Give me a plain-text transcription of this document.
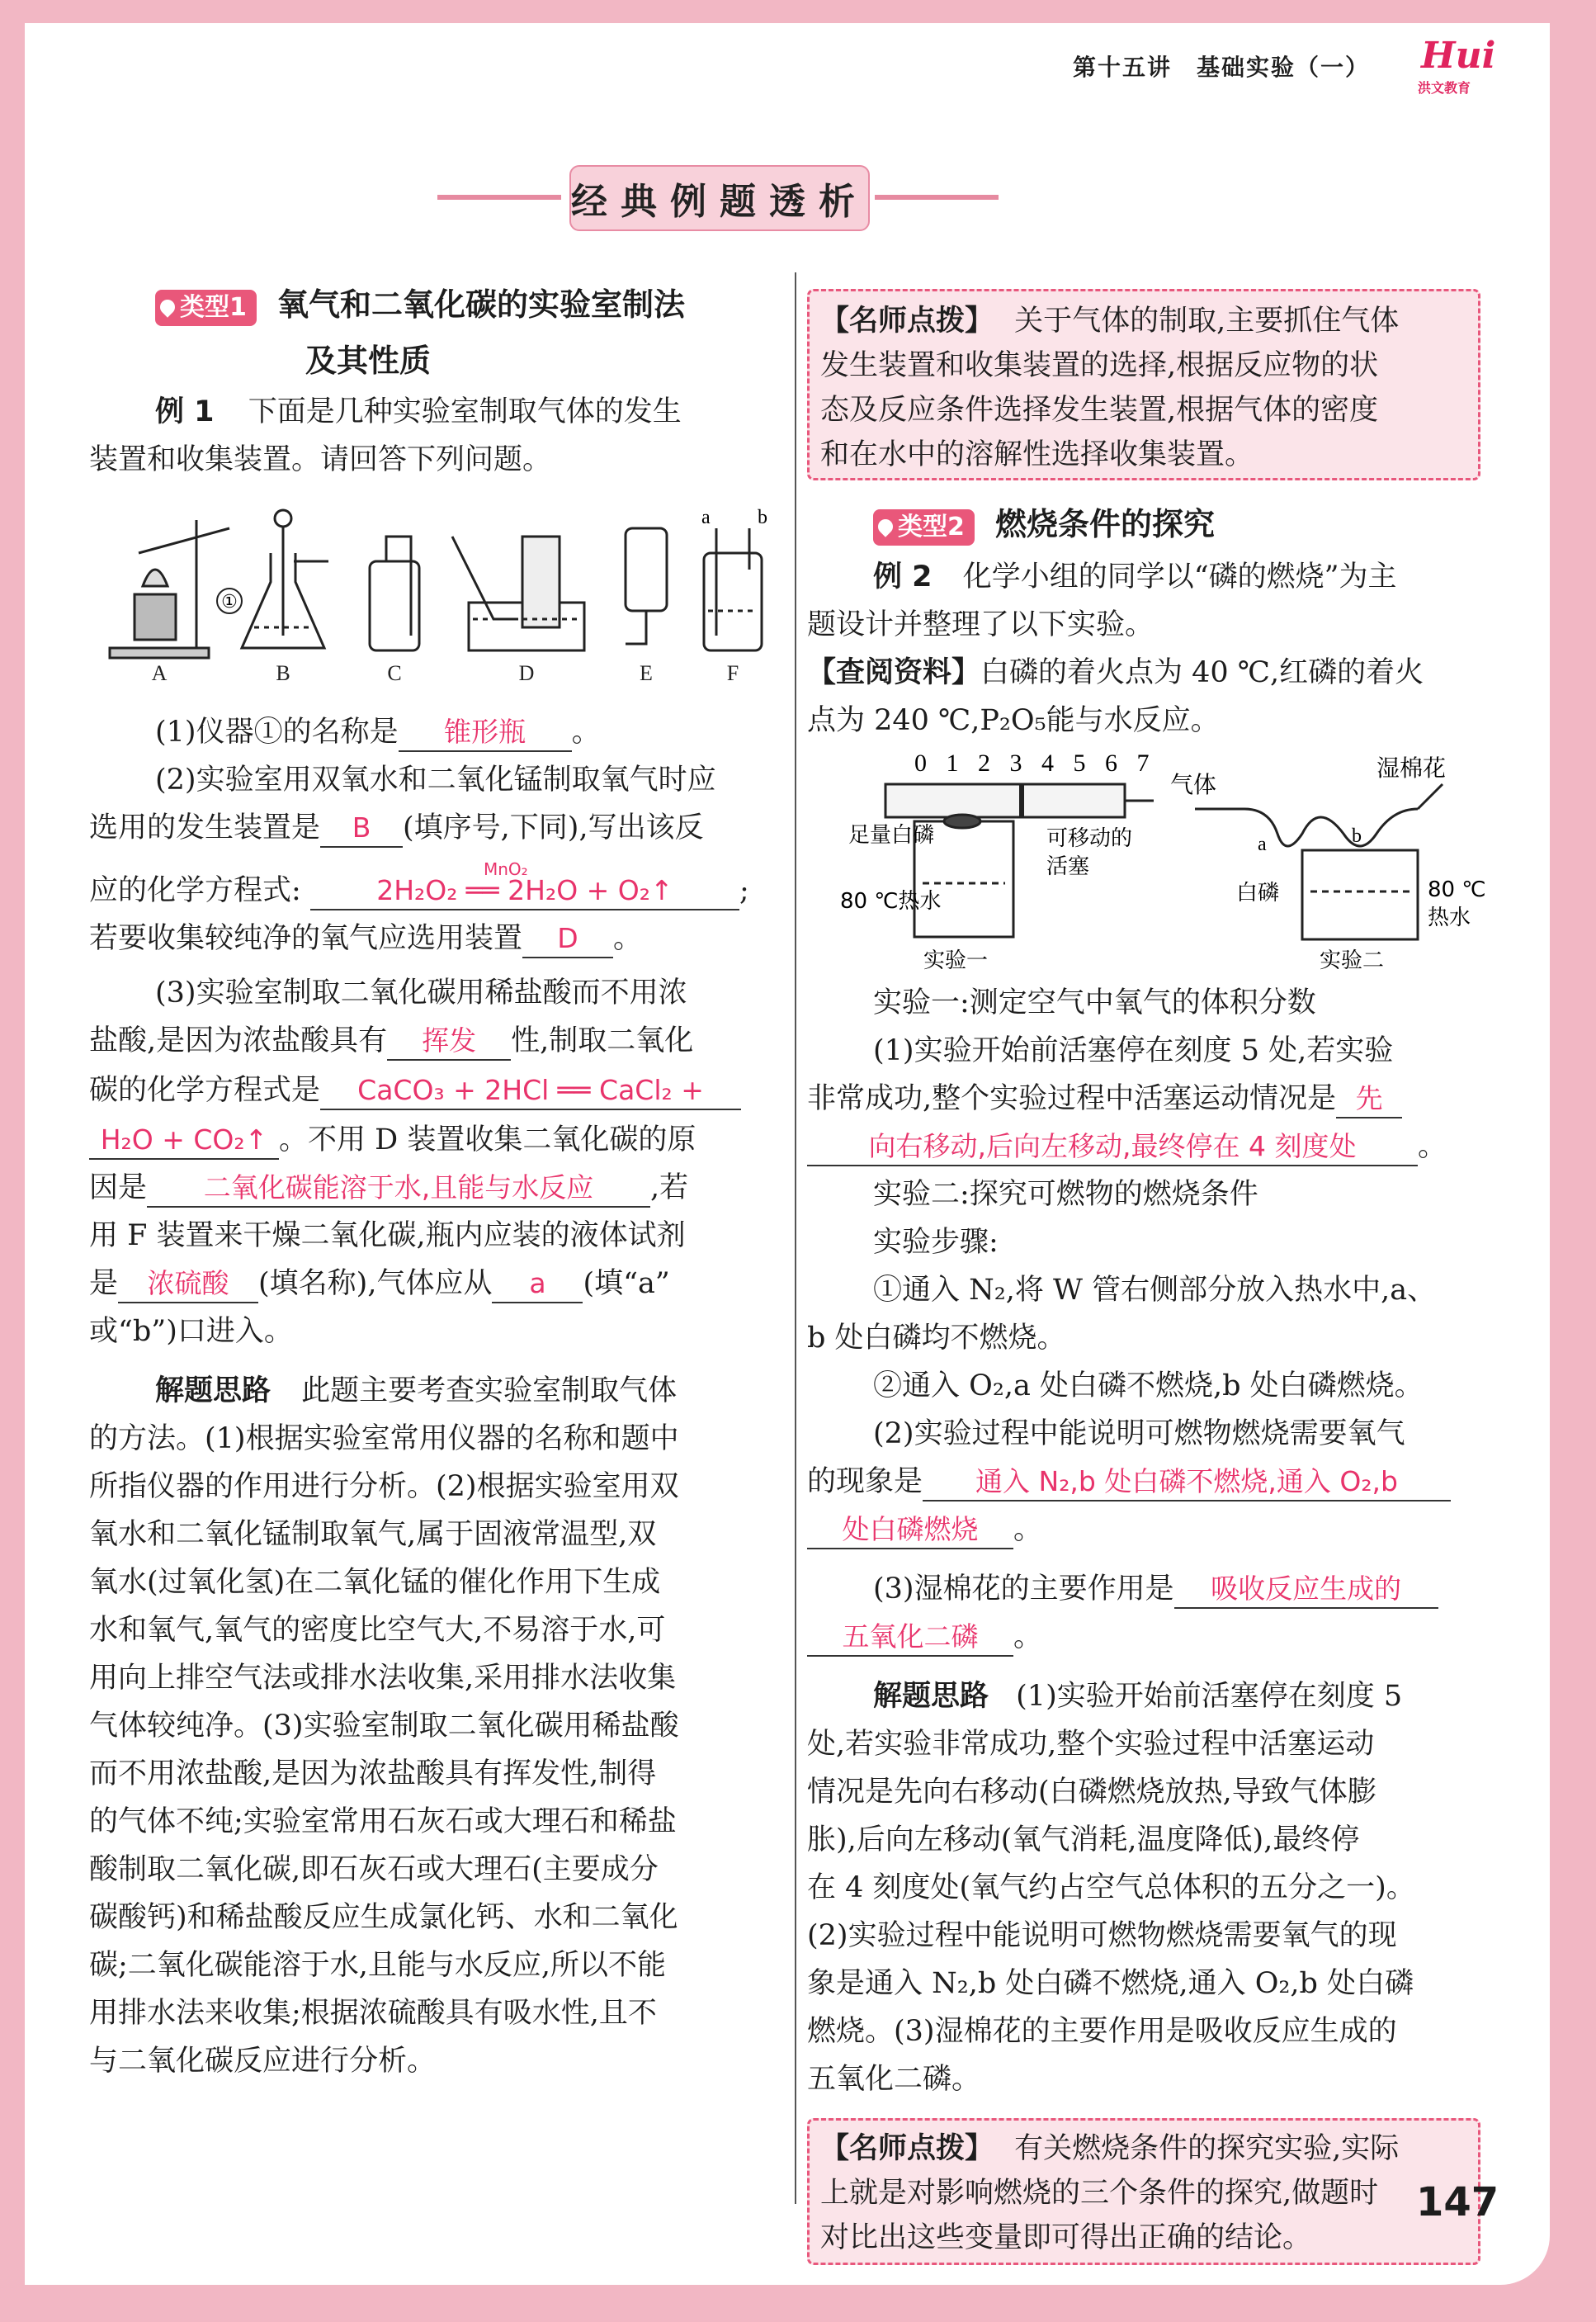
第十五讲　基础实验（一） Hui
洪文教育
经典例题透析
类型1 氧气和二氧化碳的实验室制法
及其性质
例 1 下面是几种实验室制取气体的发生
装置和收集装置。请回答下列问题。
①
a b
A	B	C	D	E	F
(1)仪器①的名称是 锥形瓶 。
(2)实验室用双氧水和二氧化锰制取氧气时应
选用的发生装置是 B (填序号,下同),写出该反
应的化学方程式:
MnO₂
2H₂O₂ ══ 2H₂O + O₂↑ ;
若要收集较纯净的氧气应选用装置 D 。
(3)实验室制取二氧化碳用稀盐酸而不用浓
盐酸,是因为浓盐酸具有 挥发 性,制取二氧化
碳的化学方程式是 CaCO₃ + 2HCl ══ CaCl₂ +
H₂O + CO₂↑ 。不用 D 装置收集二氧化碳的原
因是 二氧化碳能溶于水,且能与水反应 ,若
用 F 装置来干燥二氧化碳,瓶内应装的液体试剂
是 浓硫酸 (填名称),气体应从 a (填“a”
或“b”)口进入。
解题思路 此题主要考查实验室制取气体
的方法。(1)根据实验室常用仪器的名称和题中
所指仪器的作用进行分析。(2)根据实验室用双
氧水和二氧化锰制取氧气,属于固液常温型,双
氧水(过氧化氢)在二氧化锰的催化作用下生成
水和氧气,氧气的密度比空气大,不易溶于水,可
用向上排空气法或排水法收集,采用排水法收集
气体较纯净。(3)实验室制取二氧化碳用稀盐酸
而不用浓盐酸,是因为浓盐酸具有挥发性,制得
的气体不纯;实验室常用石灰石或大理石和稀盐
酸制取二氧化碳,即石灰石或大理石(主要成分
碳酸钙)和稀盐酸反应生成氯化钙、水和二氧化
碳;二氧化碳能溶于水,且能与水反应,所以不能
用排水法来收集;根据浓硫酸具有吸水性,且不
与二氧化碳反应进行分析。
【名师点拨】 关于气体的制取,主要抓住气体
发生装置和收集装置的选择,根据反应物的状
态及反应条件选择发生装置,根据气体的密度
和在水中的溶解性选择收集装置。
类型2 燃烧条件的探究
例 2 化学小组的同学以“磷的燃烧”为主
题设计并整理了以下实验。
【查阅资料】白磷的着火点为 40 ℃,红磷的着火
点为 240 ℃,P₂O₅能与水反应。
0 1 2 3 4 5 6 7
足量白磷
80 ℃热水
可移动的
活塞
实验一
气体
湿棉花
a	b
白磷	80 ℃
热水
实验二
实验一:测定空气中氧气的体积分数
(1)实验开始前活塞停在刻度 5 处,若实验
非常成功,整个实验过程中活塞运动情况是 先
向右移动,后向左移动,最终停在 4 刻度处 。
实验二:探究可燃物的燃烧条件
实验步骤:
①通入 N₂,将 W 管右侧部分放入热水中,a、
b 处白磷均不燃烧。
②通入 O₂,a 处白磷不燃烧,b 处白磷燃烧。
(2)实验过程中能说明可燃物燃烧需要氧气
的现象是 通入 N₂,b 处白磷不燃烧,通入 O₂,b
处白磷燃烧 。
(3)湿棉花的主要作用是 吸收反应生成的
五氧化二磷 。
解题思路 (1)实验开始前活塞停在刻度 5
处,若实验非常成功,整个实验过程中活塞运动
情况是先向右移动(白磷燃烧放热,导致气体膨
胀),后向左移动(氧气消耗,温度降低),最终停
在 4 刻度处(氧气约占空气总体积的五分之一)。
(2)实验过程中能说明可燃物燃烧需要氧气的现
象是通入 N₂,b 处白磷不燃烧,通入 O₂,b 处白磷
燃烧。(3)湿棉花的主要作用是吸收反应生成的
五氧化二磷。
【名师点拨】 有关燃烧条件的探究实验,实际
上就是对影响燃烧的三个条件的探究,做题时
对比出这些变量即可得出正确的结论。
147
